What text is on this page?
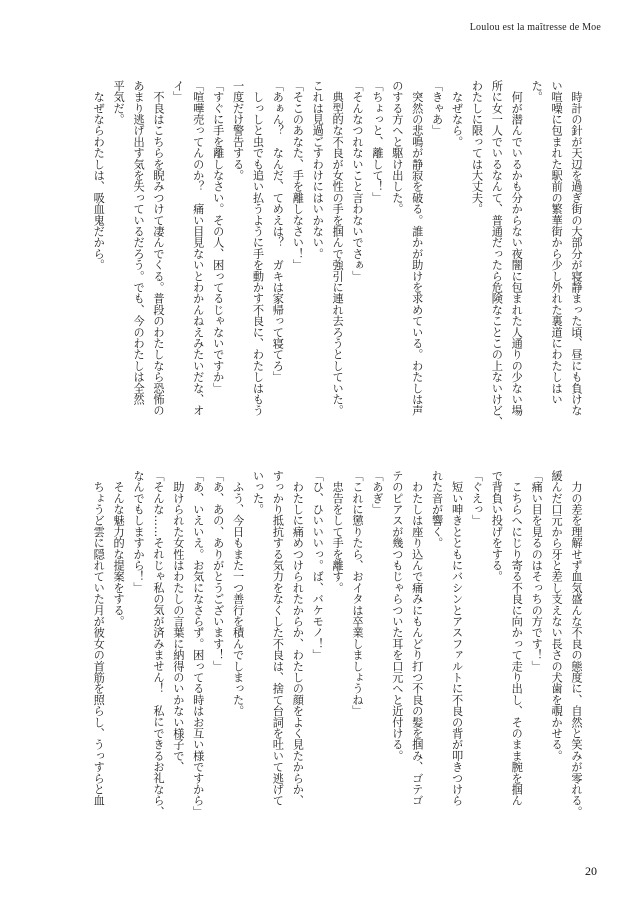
Loulou est la maîtresse de Moe
　時計の針が天辺を過ぎ街の大部分が寝静まった頃、昼にも負けな
い喧噪に包まれた駅前の繁華街から少し外れた裏道にわたしはい
た。
　何が潜んでいるかも分からない夜闇に包まれた人通りの少ない場
所に女一人でいるなんて、普通だったら危険なことこの上ないけど、
わたしに限っては大丈夫。
　なぜなら。
「きゃあ」
　突然の悲鳴が静寂を破る。誰かが助けを求めている。わたしは声
のする方へと駆け出した。
「ちょっと、離して！」
「そんなつれないこと言わないでさぁ」
　典型的な不良が女性の手を掴んで強引に連れ去ろうとしていた。
これは見過ごすわけにはいかない。
「そこのあなた、手を離しなさい！」
「あぁん？　なんだ、てめえは？　ガキは家帰って寝てろ」
　しっしと虫でも追い払うように手を動かす不良に、わたしはもう
一度だけ警告する。
「すぐに手を離しなさい。その人、困ってるじゃないですか」
「喧嘩売ってんのか？　痛い目見ないとわかんねえみたいだな、オ
イ」
　不良はこちらを睨みつけて凄んでくる。普段のわたしなら恐怖の
あまり逃げ出す気を失っているだろう。でも、今のわたしは全然
平気だ。
　なぜならわたしは、吸血鬼だから。
　力の差を理解せず血気盛んな不良の態度に、自然と笑みが零れる。
緩んだ口元から牙と差し支えない長さの犬歯を覗かせる。
「痛い目を見るのはそっちの方です！」
　こちらへにじり寄る不良に向かって走り出し、そのまま腕を掴ん
で背負い投げをする。
「ぐえっ」
　短い呻きとともにバシンとアスファルトに不良の背が叩きつけら
れた音が響く。
　わたしは座り込んで痛みにもんどり打つ不良の髪を掴み、ゴテゴ
テのピアスが幾つもじゃらついた耳を口元へと近付ける。
「あぎ」
「これに懲りたら、おイタは卒業しましょうね」
　忠告をして手を離す。
「ひ、ひいいいっ。ば、バケモノ！」
　わたしに痛めつけられたからか、わたしの顔をよく見たからか、
すっかり抵抗する気力をなくした不良は、捨て台詞を吐いて逃げて
いった。
　ふう、今日もまた一つ善行を積んでしまった。
「あ、あの、ありがとうございます！」
「あ、いえいえ。お気になさらず。困ってる時はお互い様ですから」
　助けられた女性はわたしの言葉に納得のいかない様子で、
「そんな……それじゃ私の気が済みません！　私にできるお礼なら、
なんでもしますから！」
　そんな魅力的な提案をする。
　ちょうど雲に隠れていた月が彼女の首筋を照らし、うっすらと血
20
